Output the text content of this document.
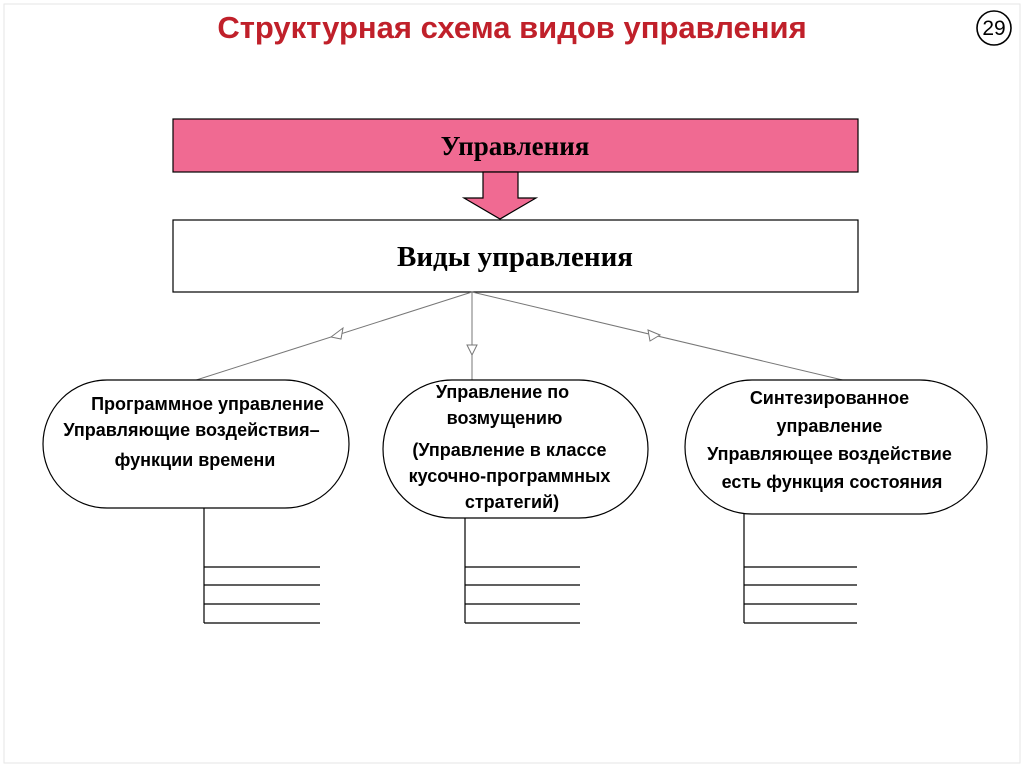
Структурная схема видов управления	29
Управления
Виды управления
Программное управление Управляющие воздействия– функции времени
Управление по возмущению (Управление в классе кусочно-программных стратегий)
Синтезированное управление Управляющее воздействие есть функция состояния
